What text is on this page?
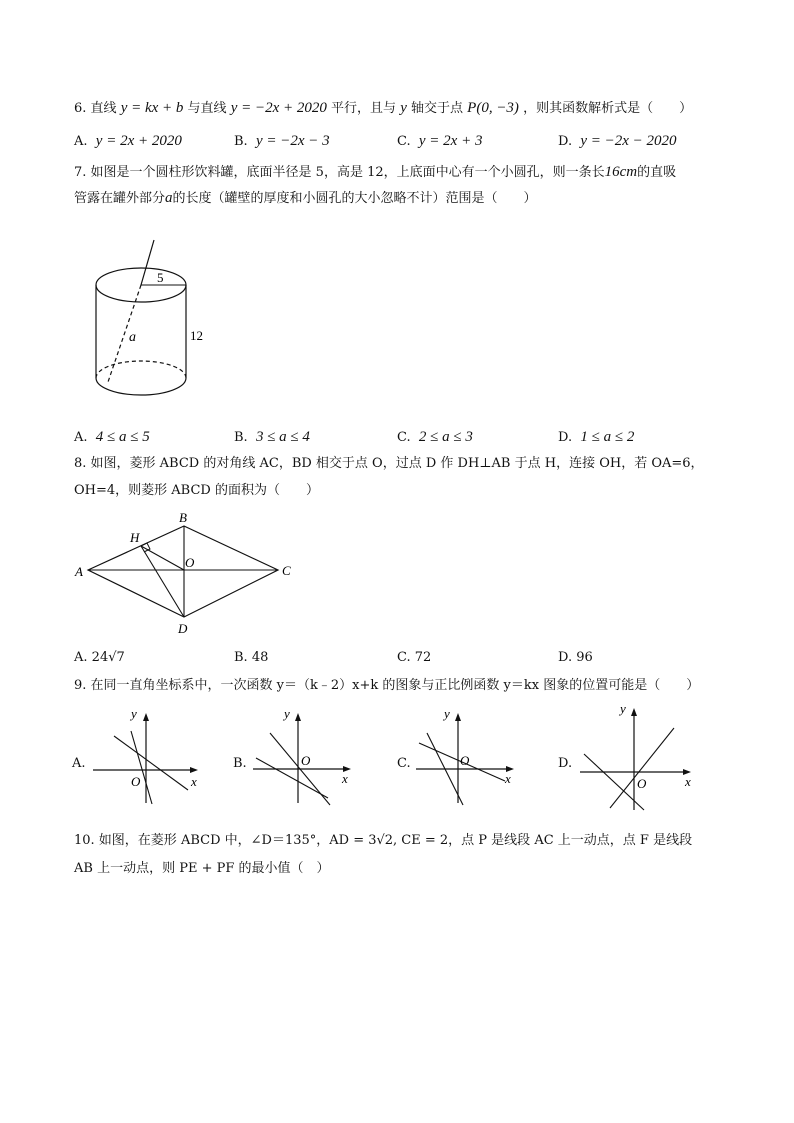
6. 直线 y = kx + b 与直线 y = −2x + 2020 平行，且与 y 轴交于点 P(0, −3) ，则其函数解析式是（　　）
A. y = 2x + 2020	B. y = −2x − 3	C. y = 2x + 3	D. y = −2x − 2020
7. 如图是一个圆柱形饮料罐，底面半径是 5，高是 12，上底面中心有一个小圆孔，则一条长16cm的直吸
管露在罐外部分a的长度（罐壁的厚度和小圆孔的大小忽略不计）范围是（　　）
5
12
a
A. 4 ≤ a ≤ 5	B. 3 ≤ a ≤ 4	C. 2 ≤ a ≤ 3	D. 1 ≤ a ≤ 2
8. 如图，菱形 ABCD 的对角线 AC，BD 相交于点 O，过点 D 作 DH⊥AB 于点 H，连接 OH，若 OA=6，
OH=4，则菱形 ABCD 的面积为（　　）
A
B
C
D
H
O
A. 24√7	B. 48	C. 72	D. 96
9. 在同一直角坐标系中，一次函数 y＝（k﹣2）x+k 的图象与正比例函数 y＝kx 图象的位置可能是（　　）
A.
y
x
O
B.
y
x
O	C.
y
x
O	D.
y
x
O
10. 如图，在菱形 ABCD 中，∠D＝135°，AD = 3√2, CE = 2，点 P 是线段 AC 上一动点，点 F 是线段
AB 上一动点，则 PE + PF 的最小值（　）
